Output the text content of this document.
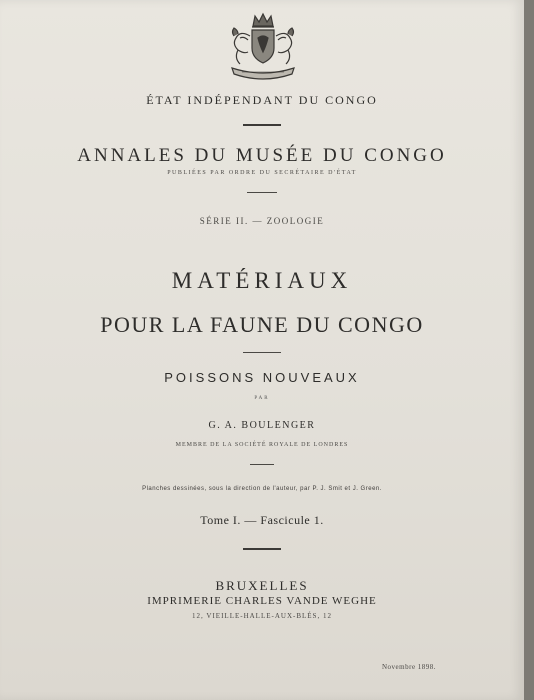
ÉTAT INDÉPENDANT DU CONGO
ANNALES DU MUSÉE DU CONGO
PUBLIÉES PAR ORDRE DU SECRÉTAIRE D'ÉTAT
SÉRIE II. — ZOOLOGIE
MATÉRIAUX
POUR LA FAUNE DU CONGO
POISSONS NOUVEAUX
PAR
G. A. BOULENGER
MEMBRE DE LA SOCIÉTÉ ROYALE DE LONDRES
Planches dessinées, sous la direction de l'auteur, par P. J. Smit et J. Green.
Tome I. — Fascicule 1.
BRUXELLES
IMPRIMERIE CHARLES VANDE WEGHE
12, VIEILLE-HALLE-AUX-BLÉS, 12
Novembre 1898.
